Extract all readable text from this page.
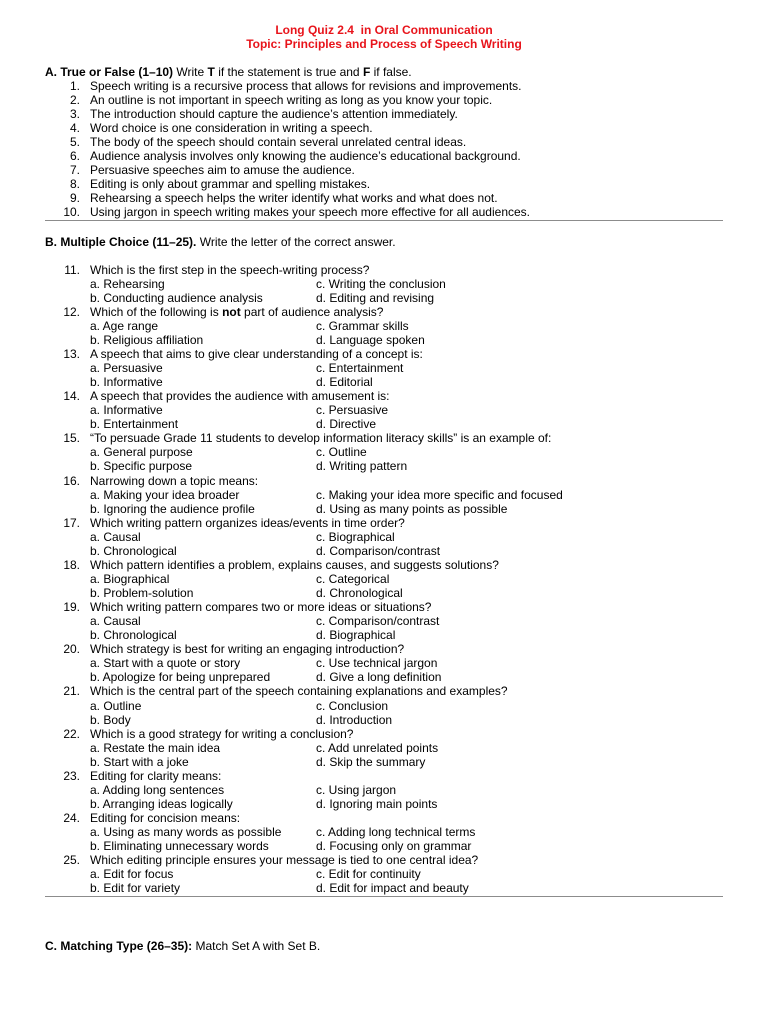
Long Quiz 2.4  in Oral Communication
Topic: Principles and Process of Speech Writing
A. True or False (1–10) Write T if the statement is true and F if false.
1. Speech writing is a recursive process that allows for revisions and improvements.
2. An outline is not important in speech writing as long as you know your topic.
3. The introduction should capture the audience’s attention immediately.
4. Word choice is one consideration in writing a speech.
5. The body of the speech should contain several unrelated central ideas.
6. Audience analysis involves only knowing the audience’s educational background.
7. Persuasive speeches aim to amuse the audience.
8. Editing is only about grammar and spelling mistakes.
9. Rehearsing a speech helps the writer identify what works and what does not.
10. Using jargon in speech writing makes your speech more effective for all audiences.
B. Multiple Choice (11–25). Write the letter of the correct answer.
11. Which is the first step in the speech-writing process?
a. Rehearsing	c. Writing the conclusion
b. Conducting audience analysis	d. Editing and revising
12. Which of the following is not part of audience analysis?
a. Age range	c. Grammar skills
b. Religious affiliation	d. Language spoken
13. A speech that aims to give clear understanding of a concept is:
a. Persuasive	c. Entertainment
b. Informative	d. Editorial
14. A speech that provides the audience with amusement is:
a. Informative	c. Persuasive
b. Entertainment	d. Directive
15. “To persuade Grade 11 students to develop information literacy skills” is an example of:
a. General purpose	c. Outline
b. Specific purpose	d. Writing pattern
16. Narrowing down a topic means:
a. Making your idea broader	c. Making your idea more specific and focused
b. Ignoring the audience profile	d. Using as many points as possible
17. Which writing pattern organizes ideas/events in time order?
a. Causal	c. Biographical
b. Chronological	d. Comparison/contrast
18. Which pattern identifies a problem, explains causes, and suggests solutions?
a. Biographical	c. Categorical
b. Problem-solution	d. Chronological
19. Which writing pattern compares two or more ideas or situations?
a. Causal	c. Comparison/contrast
b. Chronological	d. Biographical
20. Which strategy is best for writing an engaging introduction?
a. Start with a quote or story	c. Use technical jargon
b. Apologize for being unprepared	d. Give a long definition
21. Which is the central part of the speech containing explanations and examples?
a. Outline	c. Conclusion
b. Body	d. Introduction
22. Which is a good strategy for writing a conclusion?
a. Restate the main idea	c. Add unrelated points
b. Start with a joke	d. Skip the summary
23. Editing for clarity means:
a. Adding long sentences	c. Using jargon
b. Arranging ideas logically	d. Ignoring main points
24. Editing for concision means:
a. Using as many words as possible	c. Adding long technical terms
b. Eliminating unnecessary words	d. Focusing only on grammar
25. Which editing principle ensures your message is tied to one central idea?
a. Edit for focus	c. Edit for continuity
b. Edit for variety	d. Edit for impact and beauty
C. Matching Type (26–35): Match Set A with Set B.
